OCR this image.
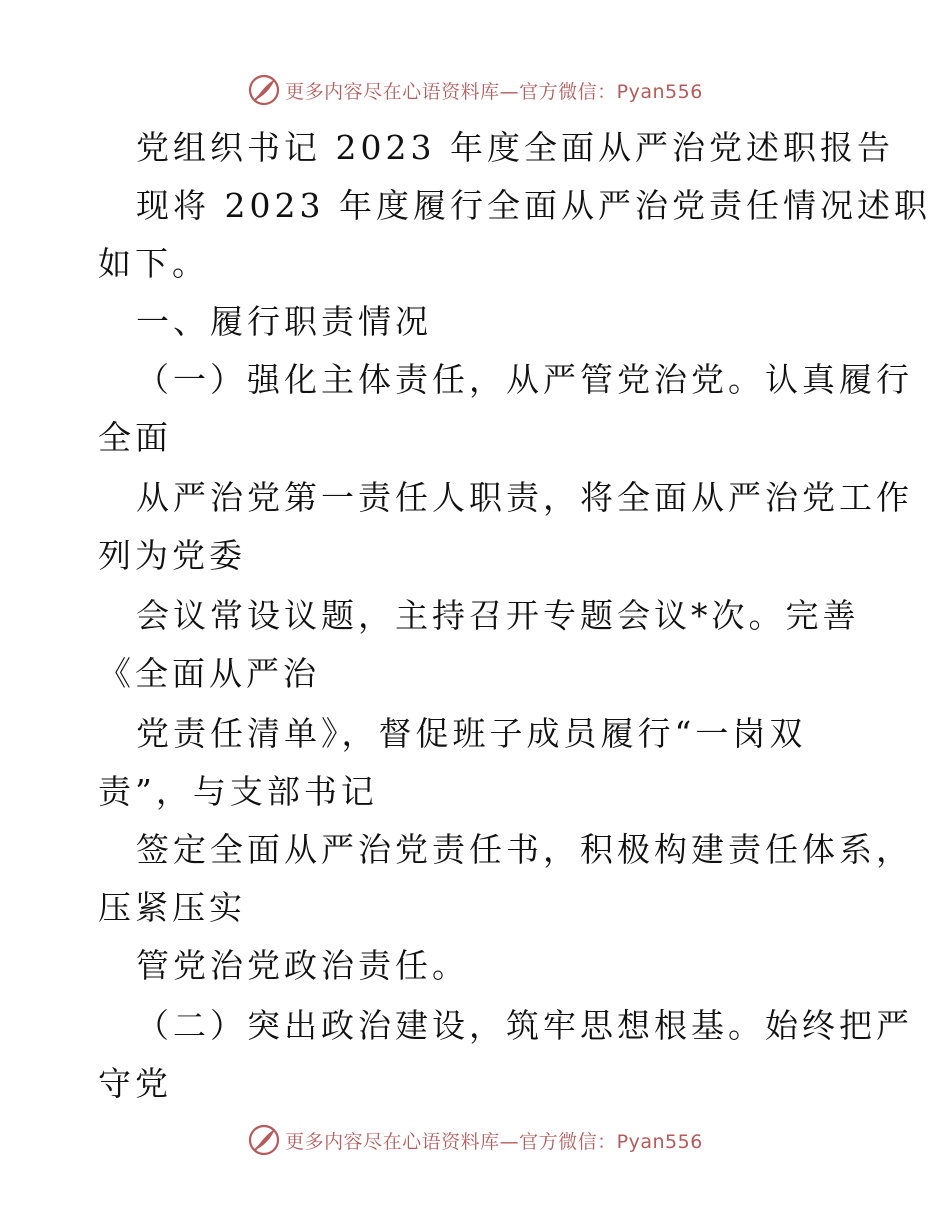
更多内容尽在心语资料库—官方微信：Pyan556
党组织书记 2023 年度全面从严治党述职报告
现将 2023 年度履行全面从严治党责任情况述职
如下。
一、履行职责情况
（一）强化主体责任，从严管党治党。认真履行
全面
从严治党第一责任人职责，将全面从严治党工作
列为党委
会议常设议题，主持召开专题会议*次。完善
《全面从严治
党责任清单》，督促班子成员履行“一岗双
责”，与支部书记
签定全面从严治党责任书，积极构建责任体系，
压紧压实
管党治党政治责任。
（二）突出政治建设，筑牢思想根基。始终把严
守党
更多内容尽在心语资料库—官方微信：Pyan556
